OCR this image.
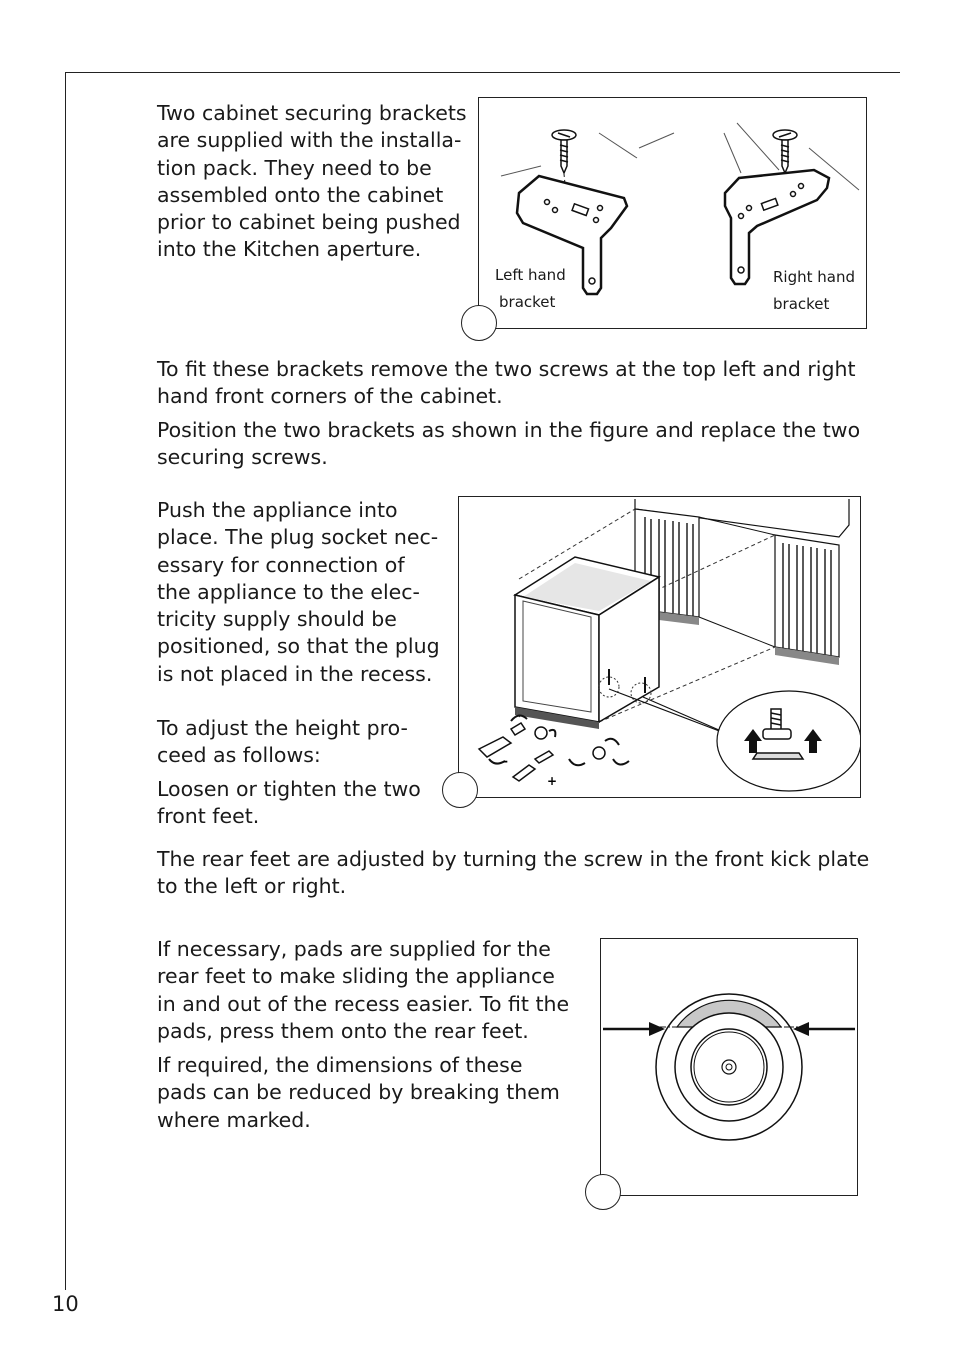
Two cabinet securing brackets
are supplied with the installa-
tion pack. They need to be
assembled onto the cabinet
prior to cabinet being pushed
into the Kitchen aperture.
Left hand
bracket
Right hand
bracket
To fit these brackets remove the two screws at the top left and right
hand front corners of the cabinet.
Position the two brackets as shown in the figure and replace the two
securing screws.
Push the appliance into
place. The plug socket nec-
essary for connection of
the appliance to the elec-
tricity supply should be
positioned, so that the plug
is not placed in the recess.
To adjust the height pro-
ceed as follows:
Loosen or tighten the two
front feet.
-
+
The rear feet are adjusted by turning the screw in the front kick plate
to the left or right.
If necessary, pads are supplied for the
rear feet to make sliding the appliance
in and out of the recess easier. To fit the
pads, press them onto the rear feet.
If required, the dimensions of these
pads can be reduced by breaking them
where marked.
10
